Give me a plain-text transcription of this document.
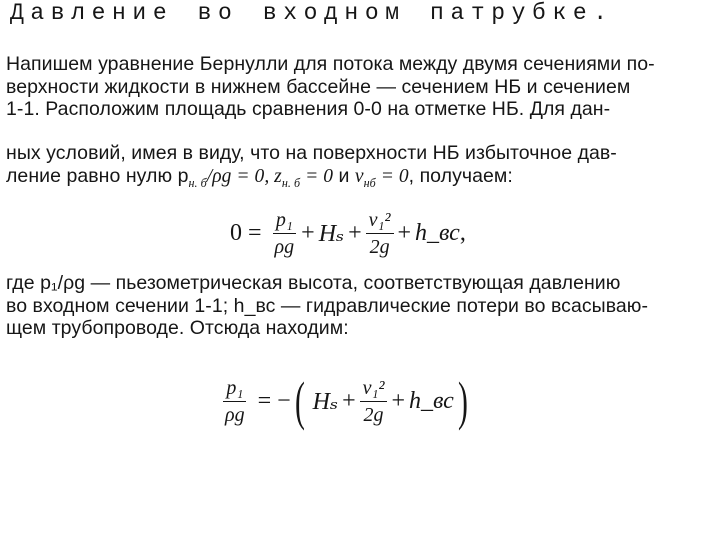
Давление во входном патрубке.
Напишем уравнение Бернулли для потока между двумя сечениями по-
верхности жидкости в нижнем бассейне — сечением НБ и сечением
1-1. Расположим площадь сравнения 0-0 на отметке НБ. Для дан-
ных условий, имея в виду, что на поверхности НБ избыточное дав-
ление равно нулю $p_{н. б}/\rho g = 0$, $z_{н. б} = 0$ и $v_{нб} = 0$, получаем:
$0 = \frac{\text{p₁}}{\rho g} + H_s + \frac{\text{v₁²}}{2g}$ + h_вс ,
где p₁/ρg — пьезометрическая высота, соответствующая давлению
во входном сечении 1-1; h_вс — гидравлические потери во всасываю-
щем трубопроводе. Отсюда находим:
$\frac{\text{p₁}}{\rho g}$ = − ( $H_s + \frac{\text{v₁²}}{2g}$ + h_вс )
